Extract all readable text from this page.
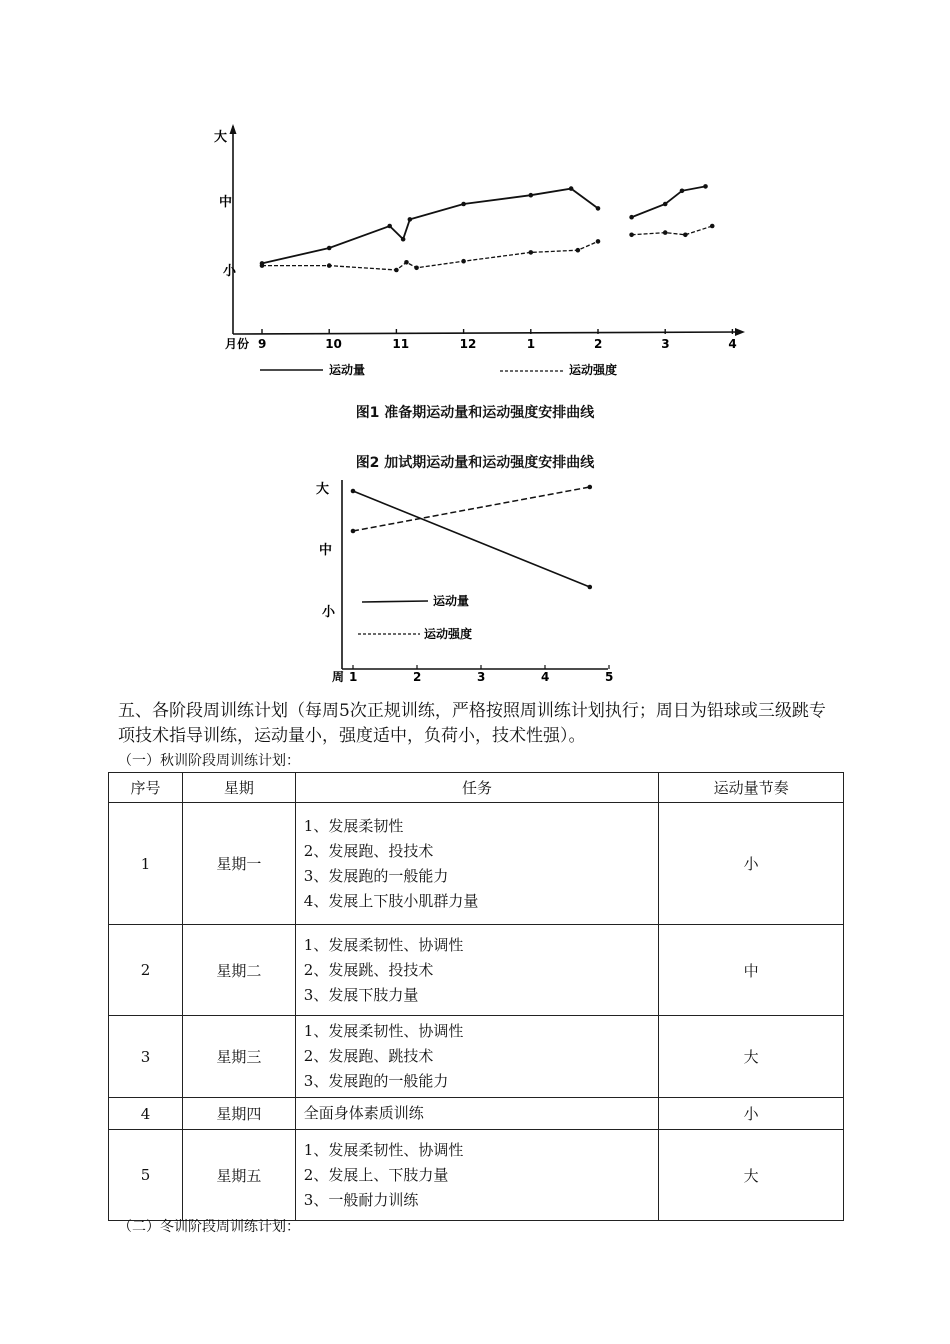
大
中
小
月份 9	10	11	12	1	2	3	4
运动量	运动强度
图1 准备期运动量和运动强度安排曲线
图2 加试期运动量和运动强度安排曲线
大
中
小
周 1	2	3	4	5
运动量
运动强度
五、各阶段周训练计划（每周5次正规训练，严格按照周训练计划执行；周日为铅球或三级跳专项技术指导训练，运动量小，强度适中，负荷小，技术性强）。
（一）秋训阶段周训练计划：
序号	星期	任务	运动量节奏
1	星期一	1、发展柔韧性
2、发展跑、投技术
3、发展跑的一般能力
4、发展上下肢小肌群力量	小
2	星期二	1、发展柔韧性、协调性
2、发展跳、投技术
3、发展下肢力量	中
3	星期三	1、发展柔韧性、协调性
2、发展跑、跳技术
3、发展跑的一般能力	大
4	星期四	全面身体素质训练	小
5	星期五	1、发展柔韧性、协调性
2、发展上、下肢力量
3、一般耐力训练	大
（二）冬训阶段周训练计划：
